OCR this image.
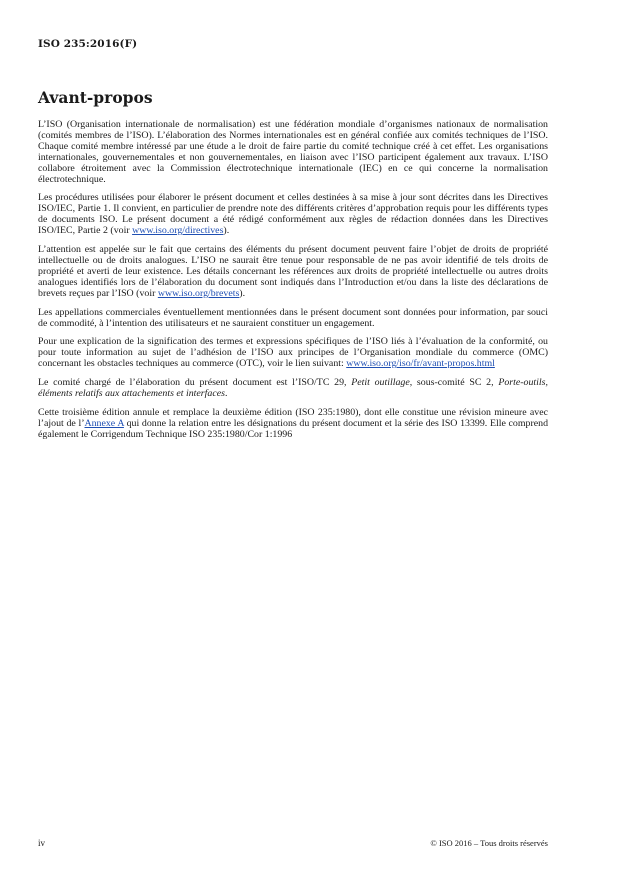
ISO 235:2016(F)
Avant-propos

L’ISO (Organisation internationale de normalisation) est une fédération mondiale d’organismes nationaux de normalisation (comités membres de l’ISO). L’élaboration des Normes internationales est en général confiée aux comités techniques de l’ISO. Chaque comité membre intéressé par une étude a le droit de faire partie du comité technique créé à cet effet. Les organisations internationales, gouvernementales et non gouvernementales, en liaison avec l’ISO participent également aux travaux. L’ISO collabore étroitement avec la Commission électrotechnique internationale (IEC) en ce qui concerne la normalisation électrotechnique.

Les procédures utilisées pour élaborer le présent document et celles destinées à sa mise à jour sont décrites dans les Directives ISO/IEC, Partie 1. Il convient, en particulier de prendre note des différents critères d’approbation requis pour les différents types de documents ISO. Le présent document a été rédigé conformément aux règles de rédaction données dans les Directives ISO/IEC, Partie 2 (voir www.iso.org/directives).

L’attention est appelée sur le fait que certains des éléments du présent document peuvent faire l’objet de droits de propriété intellectuelle ou de droits analogues. L’ISO ne saurait être tenue pour responsable de ne pas avoir identifié de tels droits de propriété et averti de leur existence. Les détails concernant les références aux droits de propriété intellectuelle ou autres droits analogues identifiés lors de l’élaboration du document sont indiqués dans l’Introduction et/ou dans la liste des déclarations de brevets reçues par l’ISO (voir www.iso.org/brevets).

Les appellations commerciales éventuellement mentionnées dans le présent document sont données pour information, par souci de commodité, à l’intention des utilisateurs et ne sauraient constituer un engagement.

Pour une explication de la signification des termes et expressions spécifiques de l’ISO liés à l’évaluation de la conformité, ou pour toute information au sujet de l’adhésion de l’ISO aux principes de l’Organisation mondiale du commerce (OMC) concernant les obstacles techniques au commerce (OTC), voir le lien suivant: www.iso.org/iso/fr/avant-propos.html

Le comité chargé de l’élaboration du présent document est l’ISO/TC 29, Petit outillage, sous-comité SC 2, Porte-outils, éléments relatifs aux attachements et interfaces.

Cette troisième édition annule et remplace la deuxième édition (ISO 235:1980), dont elle constitue une révision mineure avec l’ajout de l’Annexe A qui donne la relation entre les désignations du présent document et la série des ISO 13399. Elle comprend également le Corrigendum Technique ISO 235:1980/Cor 1:1996

iv	© ISO 2016 – Tous droits réservés
